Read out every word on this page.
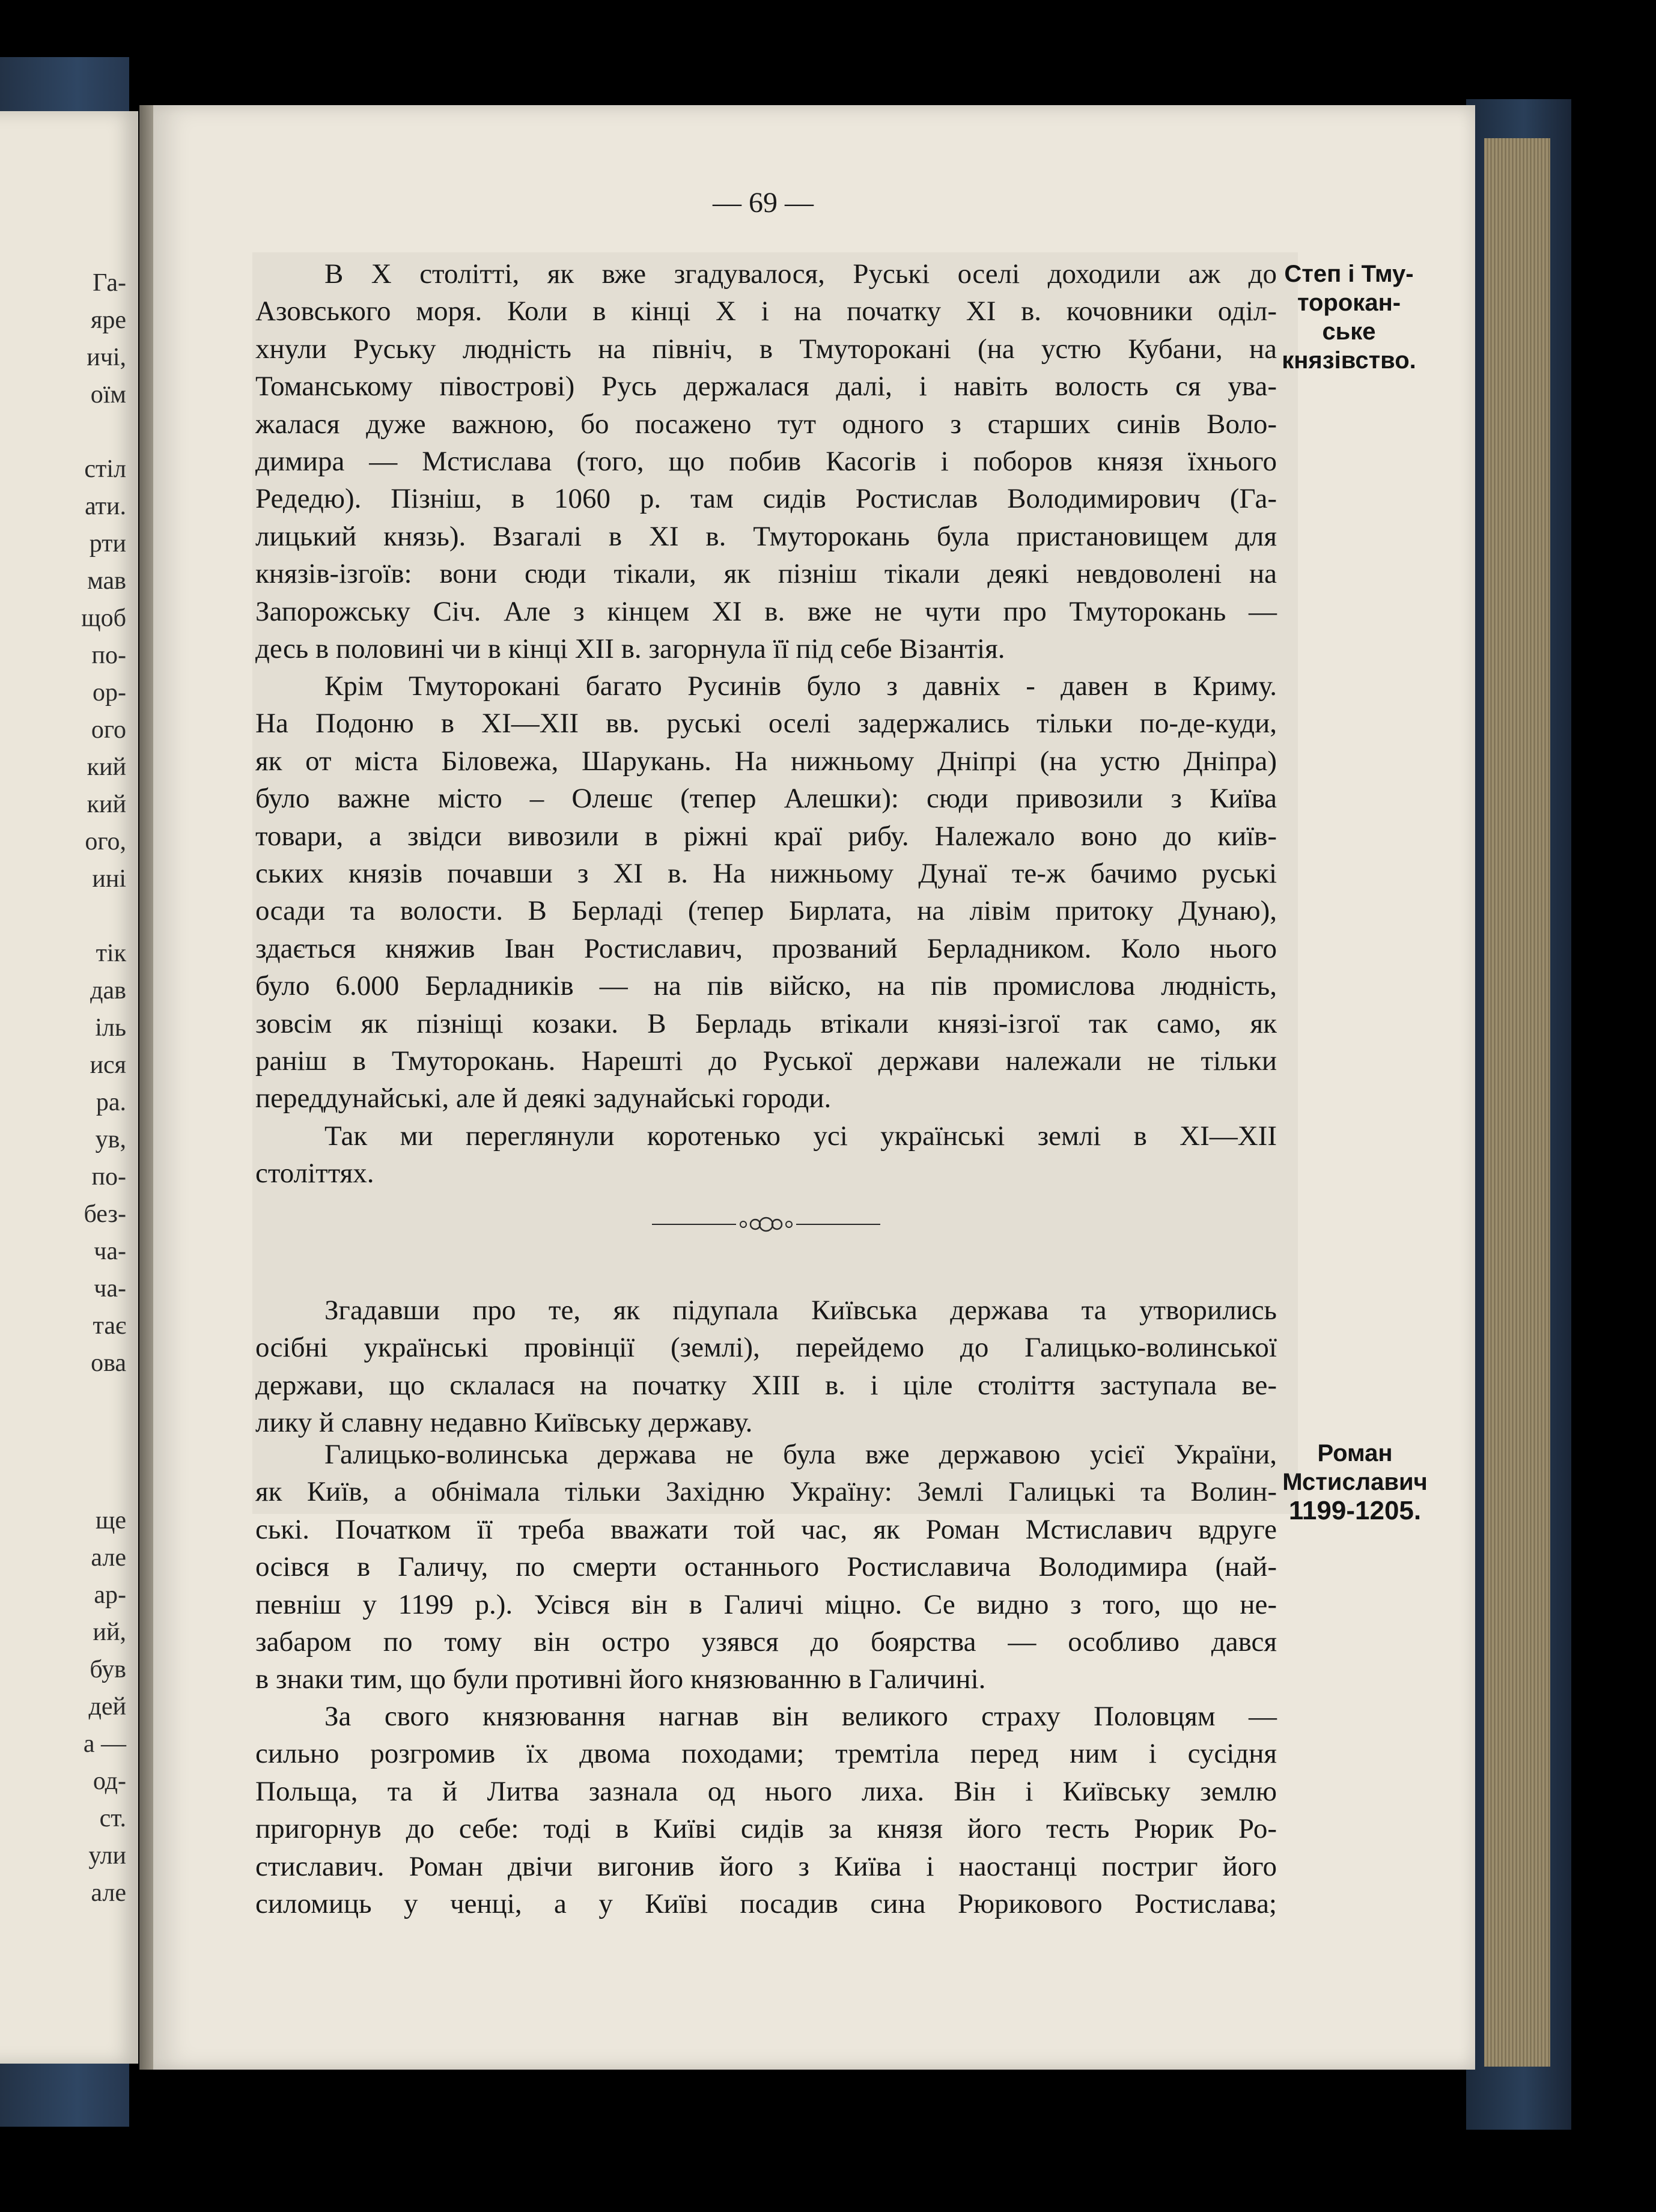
Га-
яре
ичі,
оїм
стіл
ати.
рти
мав
щоб
по-
ор-
ого
кий
кий
ого,
ині
тік
дав
іль
ися
ра.
ув,
по-
без-
ча-
ча-
тає
ова
ще
але
ар-
ий,
був
дей
а —
од-
ст.
ули
але
— 69 —
Степ і Тму-
торокан-
ське
князівство.
В X столітті, як вже згадувалося, Руські оселі доходили аж до
Азовського моря. Коли в кінці X і на початку XI в. кочовники оділ-
хнули Руську людність на північ, в Тмуторокані (на устю Кубани, на
Томанському півострові) Русь держалася далі, і навіть волость ся ува-
жалася дуже важною, бо посажено тут одного з старших синів Воло-
димира — Мстислава (того, що побив Касогів і поборов князя їхнього
Редедю). Пізніш, в 1060 р. там сидів Ростислав Володимирович (Га-
лицький князь). Взагалі в XI в. Тмуторокань була пристановищем для
князів-ізгоїв: вони сюди тікали, як пізніш тікали деякі невдоволені на
Запорожську Січ. Але з кінцем XI в. вже не чути про Тмуторокань —
десь в половині чи в кінці XII в. загорнула її під себе Візантія.
Крім Тмуторокані багато Русинів було з давніх - давен в Криму.
На Подоню в XI—XII вв. руські оселі задержались тільки по-де-куди,
як от міста Біловежа, Шарукань. На нижньому Дніпрі (на устю Дніпра)
було важне місто – Олешє (тепер Алешки): сюди привозили з Київа
товари, а звідси вивозили в ріжні краї рибу. Належало воно до київ-
ських князів почавши з XI в. На нижньому Дунаї те-ж бачимо руські
осади та волости. В Берладі (тепер Бирлата, на лівім притоку Дунаю),
здається княжив Іван Ростиславич, прозваний Берладником. Коло нього
було 6.000 Берладників — на пів війско, на пів промислова людність,
зовсім як пізніщі козаки. В Берладь втікали князі-ізгої так само, як
раніш в Тмуторокань. Нарешті до Руської держави належали не тільки
переддунайські, але й деякі задунайські городи.
Так ми переглянули коротенько усі українські землі в XI—XII
століттях.
Згадавши про те, як підупала Київська держава та утворились
осібні українські провінції (землі), перейдемо до Галицько-волинської
держави, що склалася на початку XIII в. і ціле століття заступала ве-
лику й славну недавно Київську державу.
Роман
Мстиславич
1199-1205.
Галицько-волинська держава не була вже державою усієї України,
як Київ, а обнімала тільки Західню Україну: Землі Галицькі та Волин-
ські. Початком її треба вважати той час, як Роман Мстиславич вдруге
осівся в Галичу, по смерти останнього Ростиславича Володимира (най-
певніш у 1199 р.). Усівся він в Галичі міцно. Се видно з того, що не-
забаром по тому він остро узявся до боярства — особливо дався
в знаки тим, що були противні його князюванню в Галичині.
За свого князювання нагнав він великого страху Половцям —
сильно розгромив їх двома походами; тремтіла перед ним і сусідня
Польща, та й Литва зазнала од нього лиха. Він і Київську землю
пригорнув до себе: тоді в Київі сидів за князя його тесть Рюрик Ро-
стиславич. Роман двічи вигонив його з Київа і наостанці постриг його
силомиць у ченці, а у Київі посадив сина Рюрикового Ростислава;
